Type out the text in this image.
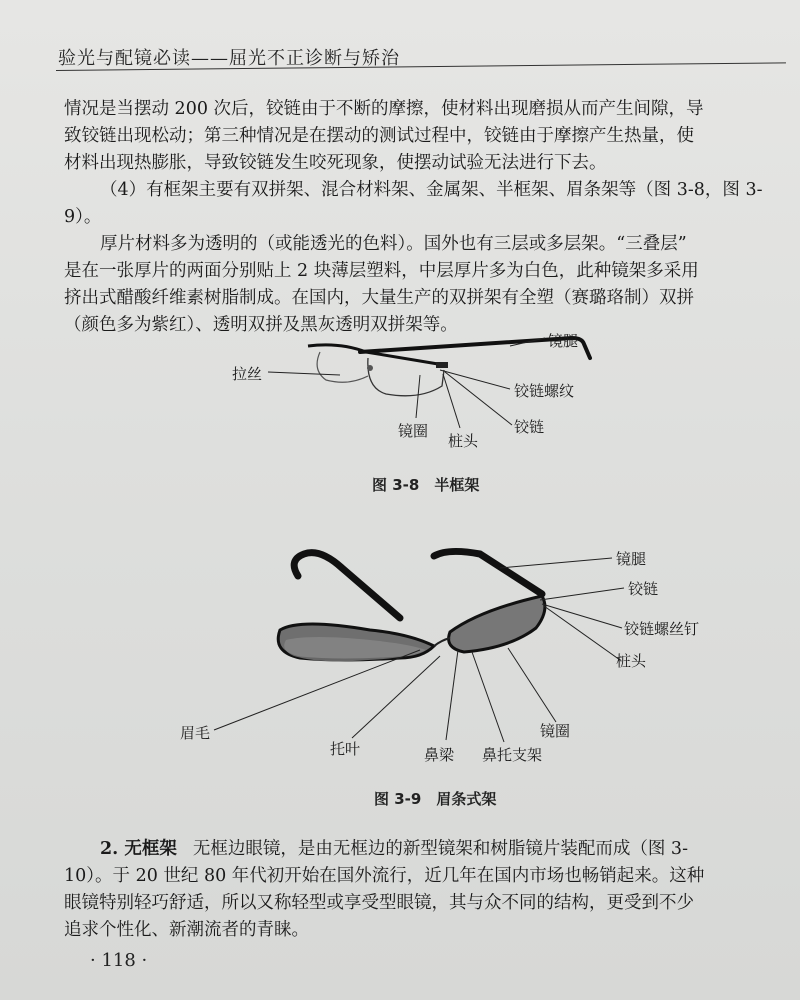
验光与配镜必读——屈光不正诊断与矫治
情况是当摆动 200 次后，铰链由于不断的摩擦，使材料出现磨损从而产生间隙，导
致铰链出现松动；第三种情况是在摆动的测试过程中，铰链由于摩擦产生热量，使
材料出现热膨胀，导致铰链发生咬死现象，使摆动试验无法进行下去。
（4）有框架主要有双拼架、混合材料架、金属架、半框架、眉条架等（图 3-8，图 3-
9）。
厚片材料多为透明的（或能透光的色料）。国外也有三层或多层架。“三叠层”
是在一张厚片的两面分别贴上 2 块薄层塑料，中层厚片多为白色，此种镜架多采用
挤出式醋酸纤维素树脂制成。在国内，大量生产的双拼架有全塑（赛璐珞制）双拼
（颜色多为紫红）、透明双拼及黑灰透明双拼架等。
镜腿
拉丝
铰链螺纹
铰链
镜圈
桩头
图 3-8　半框架
镜腿
铰链
铰链螺丝钉
桩头
眉毛
托叶	鼻梁 鼻托支架
镜圈
图 3-9　眉条式架
2. 无框架 无框边眼镜，是由无框边的新型镜架和树脂镜片装配而成（图 3-
10）。于 20 世纪 80 年代初开始在国外流行，近几年在国内市场也畅销起来。这种
眼镜特别轻巧舒适，所以又称轻型或享受型眼镜，其与众不同的结构，更受到不少
追求个性化、新潮流者的青睐。
· 118 ·
